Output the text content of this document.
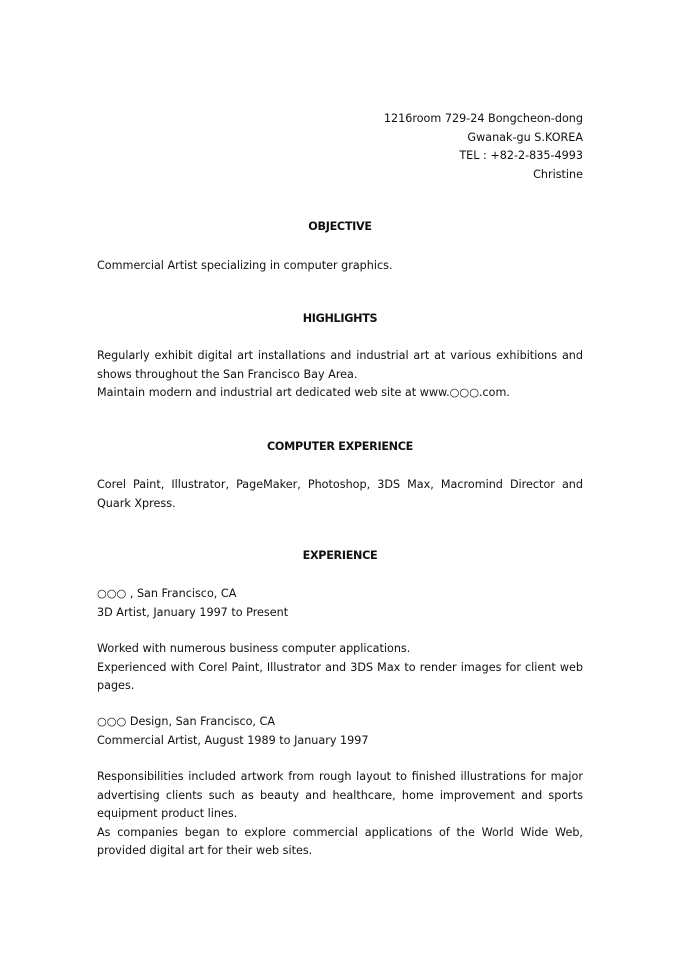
1216room 729-24 Bongcheon-dong
Gwanak-gu S.KOREA
TEL : +82-2-835-4993
Christine
OBJECTIVE
Commercial Artist specializing in computer graphics.
HIGHLIGHTS
Regularly exhibit digital art installations and industrial art at various exhibitions and shows throughout the San Francisco Bay Area.
Maintain modern and industrial art dedicated web site at www.○○○.com.
COMPUTER EXPERIENCE
Corel Paint, Illustrator, PageMaker, Photoshop, 3DS Max, Macromind Director and Quark Xpress.
EXPERIENCE
○○○ , San Francisco, CA
3D Artist, January 1997 to Present
Worked with numerous business computer applications.
Experienced with Corel Paint, Illustrator and 3DS Max to render images for client web pages.
○○○ Design, San Francisco, CA
Commercial Artist, August 1989 to January 1997
Responsibilities included artwork from rough layout to finished illustrations for major advertising clients such as beauty and healthcare, home improvement and sports equipment product lines.
As companies began to explore commercial applications of the World Wide Web, provided digital art for their web sites.
